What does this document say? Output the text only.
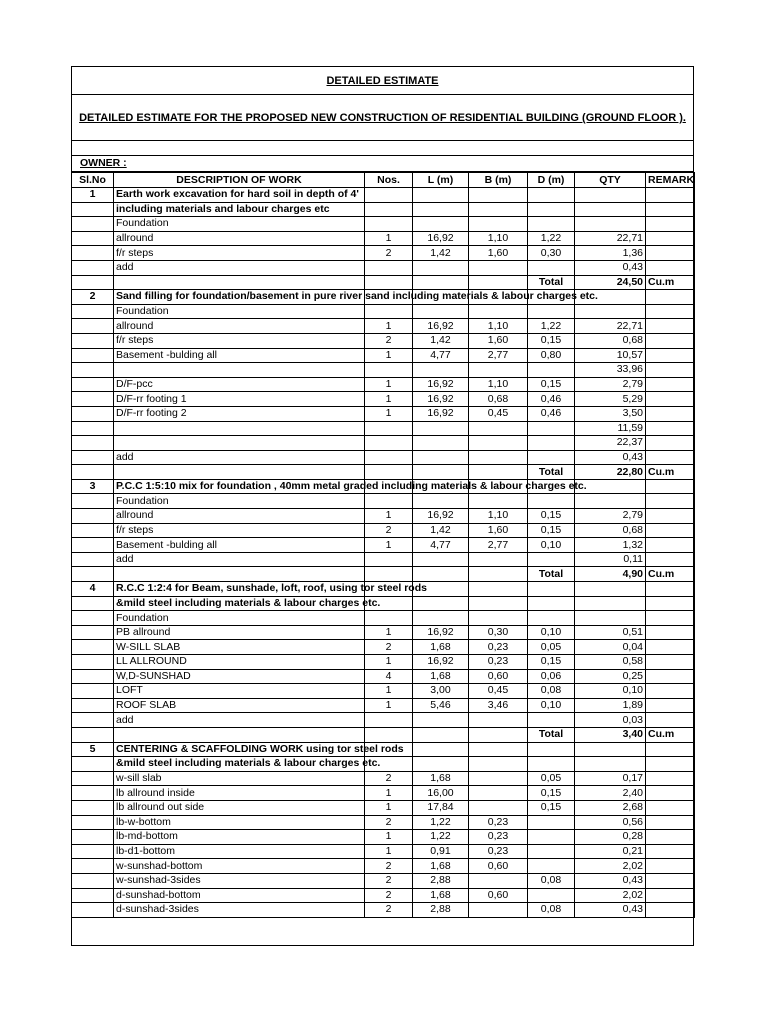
DETAILED ESTIMATE
DETAILED ESTIMATE FOR THE PROPOSED NEW CONSTRUCTION OF RESIDENTIAL BUILDING (GROUND FLOOR ).
OWNER :
Sl.No	DESCRIPTION OF WORK	Nos.	L (m)	B (m)	D (m)	QTY	REMARK
1	Earth work excavation for hard soil in depth of 4'						
	including materials and labour charges etc						
	Foundation						
	allround	1	16,92	1,10	1,22	22,71	
	f/r steps	2	1,42	1,60	0,30	1,36	
	add					0,43	
					Total	24,50	Cu.m
2	Sand filling for foundation/basement in pure river sand including materials & labour charges etc.						
	Foundation						
	allround	1	16,92	1,10	1,22	22,71	
	f/r steps	2	1,42	1,60	0,15	0,68	
	Basement -bulding all	1	4,77	2,77	0,80	10,57	
						33,96	
	D/F-pcc	1	16,92	1,10	0,15	2,79	
	D/F-rr footing 1	1	16,92	0,68	0,46	5,29	
	D/F-rr footing 2	1	16,92	0,45	0,46	3,50	
						11,59	
						22,37	
	add					0,43	
					Total	22,80	Cu.m
3	P.C.C 1:5:10 mix for foundation , 40mm metal graded including materials & labour charges etc.						
	Foundation						
	allround	1	16,92	1,10	0,15	2,79	
	f/r steps	2	1,42	1,60	0,15	0,68	
	Basement -bulding all	1	4,77	2,77	0,10	1,32	
	add					0,11	
					Total	4,90	Cu.m
4	R.C.C 1:2:4 for Beam, sunshade, loft, roof, using tor steel rods						
	&mild steel including materials & labour charges etc.						
	Foundation						
	PB allround	1	16,92	0,30	0,10	0,51	
	W-SILL SLAB	2	1,68	0,23	0,05	0,04	
	LL ALLROUND	1	16,92	0,23	0,15	0,58	
	W,D-SUNSHAD	4	1,68	0,60	0,06	0,25	
	LOFT	1	3,00	0,45	0,08	0,10	
	ROOF SLAB	1	5,46	3,46	0,10	1,89	
	add					0,03	
					Total	3,40	Cu.m
5	CENTERING & SCAFFOLDING WORK using tor steel rods						
	&mild steel including materials & labour charges etc.						
	w-sill slab	2	1,68		0,05	0,17	
	lb allround inside	1	16,00		0,15	2,40	
	lb allround out side	1	17,84		0,15	2,68	
	lb-w-bottom	2	1,22	0,23		0,56	
	lb-md-bottom	1	1,22	0,23		0,28	
	lb-d1-bottom	1	0,91	0,23		0,21	
	w-sunshad-bottom	2	1,68	0,60		2,02	
	w-sunshad-3sides	2	2,88		0,08	0,43	
	d-sunshad-bottom	2	1,68	0,60		2,02	
	d-sunshad-3sides	2	2,88		0,08	0,43	
